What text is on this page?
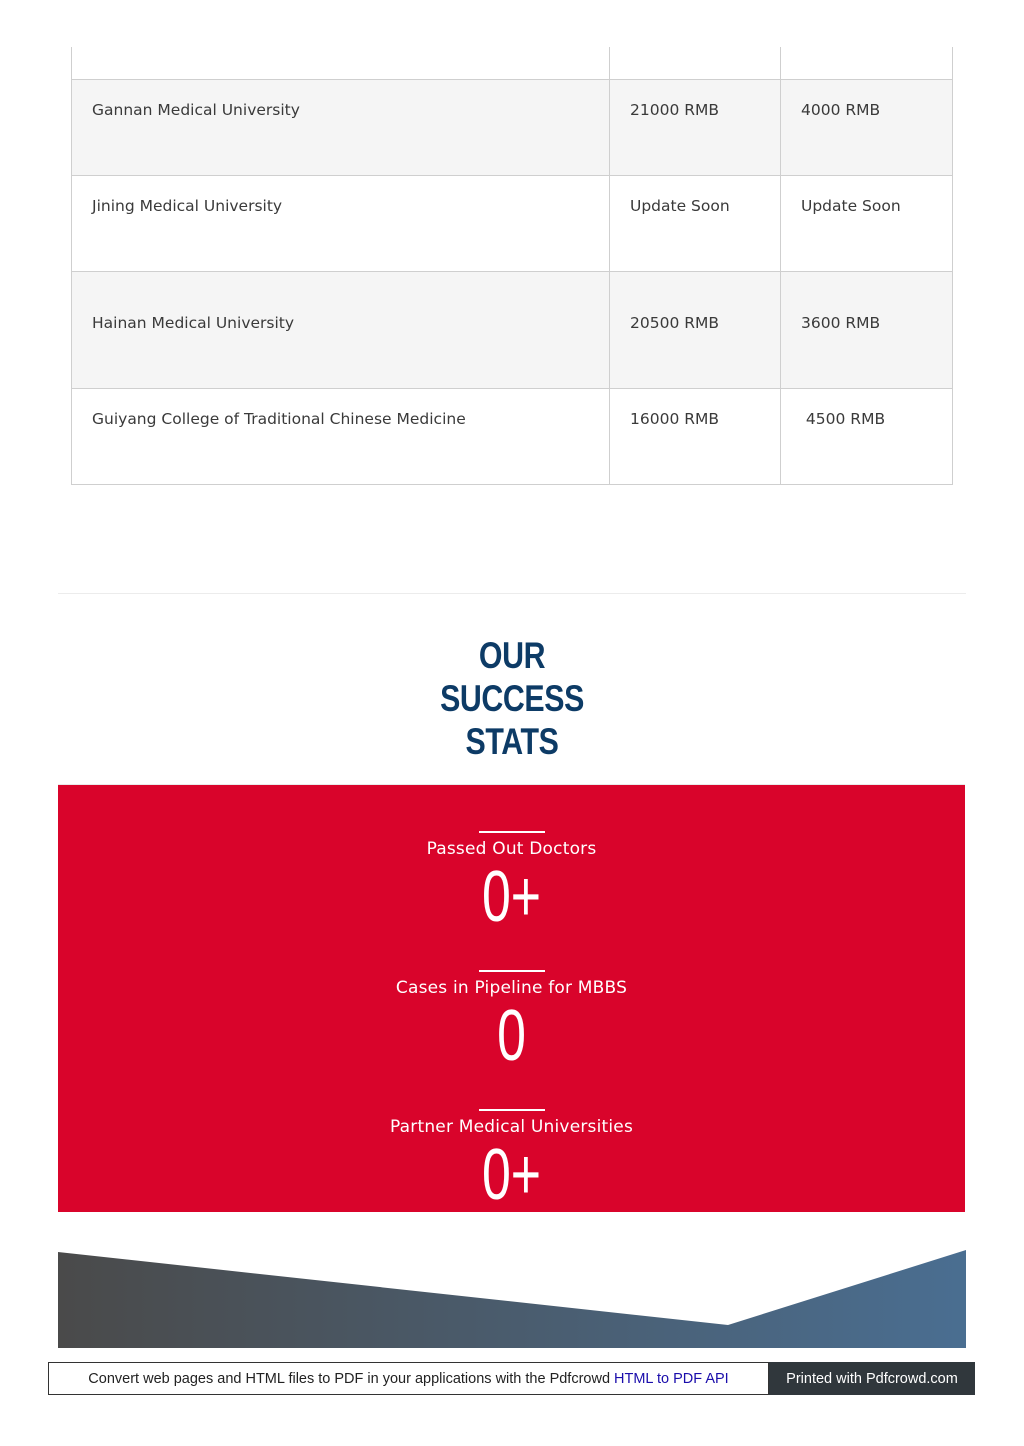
Gannan Medical University	21000 RMB	4000 RMB
Jining Medical University	Update Soon	Update Soon
Hainan Medical University	20500 RMB	3600 RMB
Guiyang College of Traditional Chinese Medicine	16000 RMB	4500 RMB
OUR
SUCCESS
STATS
Passed Out Doctors
0+
Cases in Pipeline for MBBS
0
Partner Medical Universities
0+
Convert web pages and HTML files to PDF in your applications with the Pdfcrowd HTML to PDF API	Printed with Pdfcrowd.com
